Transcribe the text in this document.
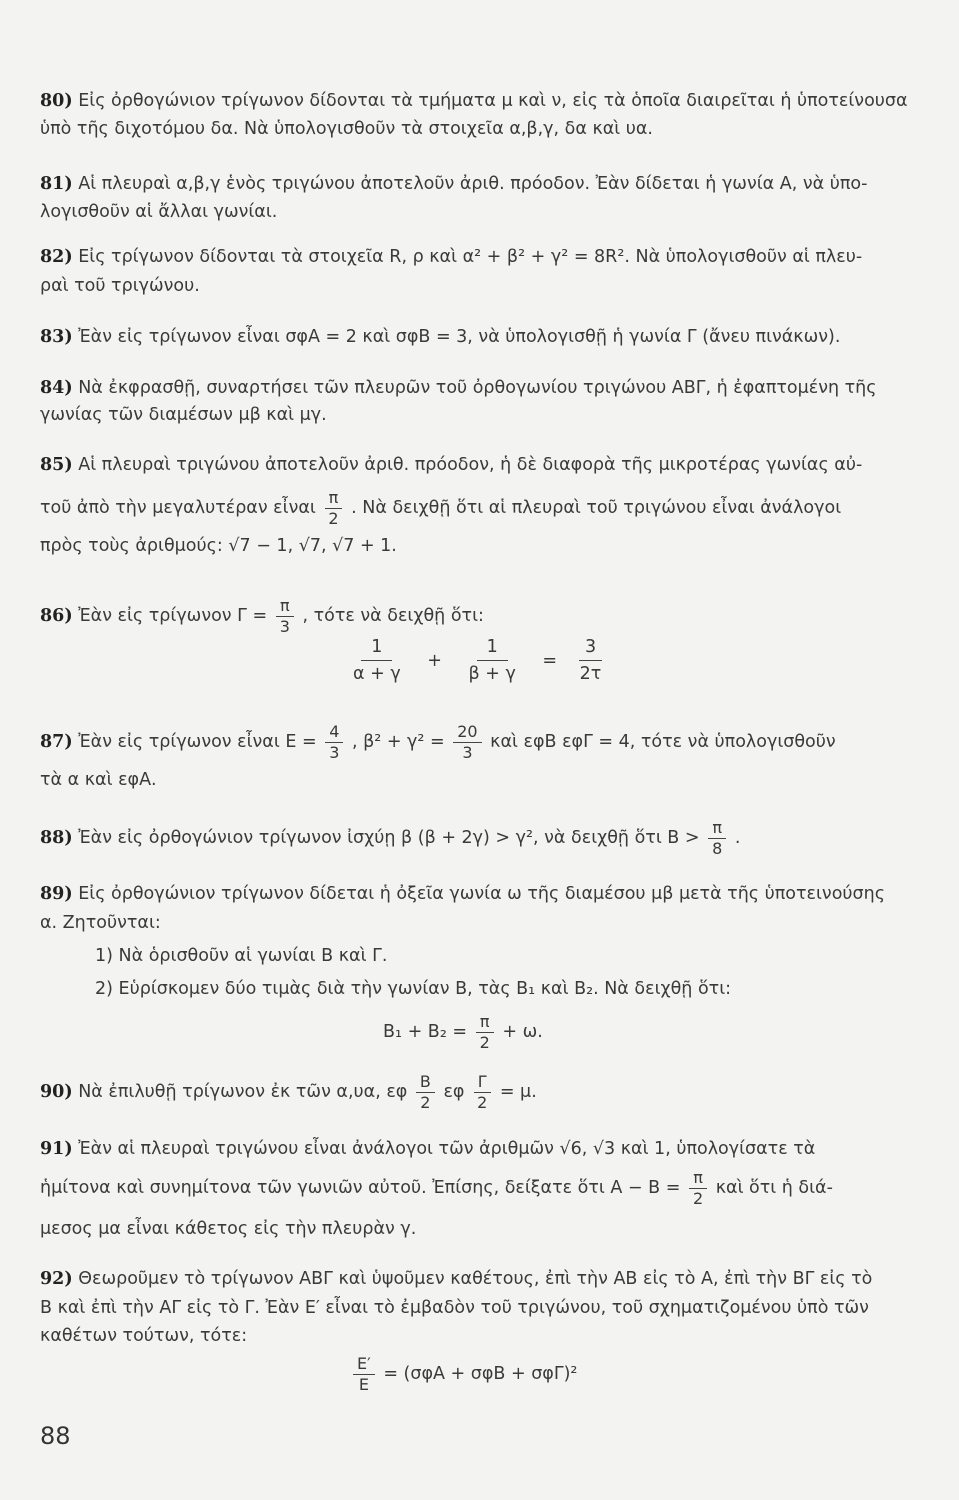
80) Εἰς ὀρθογώνιον τρίγωνον δίδονται τὰ τμήματα μ καὶ ν, εἰς τὰ ὁποῖα διαιρεῖται ἡ ὑποτείνουσα
ὑπὸ τῆς διχοτόμου δα. Νὰ ὑπολογισθοῦν τὰ στοιχεῖα α,β,γ, δα καὶ υα.
81) Αἱ πλευραὶ α,β,γ ἑνὸς τριγώνου ἀποτελοῦν ἀριθ. πρόοδον. Ἐὰν δίδεται ἡ γωνία Α, νὰ ὑπο-
λογισθοῦν αἱ ἄλλαι γωνίαι.
82) Εἰς τρίγωνον δίδονται τὰ στοιχεῖα R, ρ καὶ α² + β² + γ² = 8R². Νὰ ὑπολογισθοῦν αἱ πλευ-
ραὶ τοῦ τριγώνου.
83) Ἐὰν εἰς τρίγωνον εἶναι σφΑ = 2 καὶ σφΒ = 3, νὰ ὑπολογισθῇ ἡ γωνία Γ (ἄνευ πινάκων).
84) Νὰ ἐκφρασθῇ, συναρτήσει τῶν πλευρῶν τοῦ ὀρθογωνίου τριγώνου ΑΒΓ, ἡ ἐφαπτομένη τῆς
γωνίας τῶν διαμέσων μβ καὶ μγ.
85) Αἱ πλευραὶ τριγώνου ἀποτελοῦν ἀριθ. πρόοδον, ἡ δὲ διαφορὰ τῆς μικροτέρας γωνίας αὐ-
τοῦ ἀπὸ τὴν μεγαλυτέραν εἶναι $\frac{\pi}{2}$ . Νὰ δειχθῇ ὅτι αἱ πλευραὶ τοῦ τριγώνου εἶναι ἀνάλογοι
πρὸς τοὺς ἀριθμούς: √7 − 1, √7, √7 + 1.
86) Ἐὰν εἰς τρίγωνον $\Gamma = \frac{\pi}{3}$ , τότε νὰ δειχθῇ ὅτι:
$\frac{1}{\alpha + \gamma} + \frac{1}{\beta + \gamma} = \frac{3}{2\tau}$
87) Ἐὰν εἰς τρίγωνον εἶναι $E = \frac{4}{3}$ , $\beta^2 + \gamma^2 = \frac{20}{3}$ καὶ εφΒ εφΓ = 4, τότε νὰ ὑπολογισθοῦν
τὰ α καὶ εφΑ.
88) Ἐὰν εἰς ὀρθογώνιον τρίγωνον ἰσχύῃ β (β + 2γ) > γ², νὰ δειχθῇ ὅτι $B > \frac{\pi}{8}$ .
89) Εἰς ὀρθογώνιον τρίγωνον δίδεται ἡ ὀξεῖα γωνία ω τῆς διαμέσου μβ μετὰ τῆς ὑποτεινούσης
α. Ζητοῦνται:
1) Νὰ ὁρισθοῦν αἱ γωνίαι Β καὶ Γ.
2) Εὑρίσκομεν δύο τιμὰς διὰ τὴν γωνίαν Β, τὰς Β₁ καὶ Β₂. Νὰ δειχθῇ ὅτι:
$B_1 + B_2 = \frac{\pi}{2} + \omega$.
90) Νὰ ἐπιλυθῇ τρίγωνον ἐκ τῶν α,υα, εφ $\frac{B}{2}$ εφ $\frac{\Gamma}{2} = \mu$.
91) Ἐὰν αἱ πλευραὶ τριγώνου εἶναι ἀνάλογοι τῶν ἀριθμῶν √6, √3 καὶ 1, ὑπολογίσατε τὰ
ἡμίτονα καὶ συνημίτονα τῶν γωνιῶν αὐτοῦ. Ἐπίσης, δείξατε ὅτι $A - B = \frac{\pi}{2}$ καὶ ὅτι ἡ διά-
μεσος μα εἶναι κάθετος εἰς τὴν πλευρὰν γ.
92) Θεωροῦμεν τὸ τρίγωνον ΑΒΓ καὶ ὑψοῦμεν καθέτους, ἐπὶ τὴν ΑΒ εἰς τὸ Α, ἐπὶ τὴν ΒΓ εἰς τὸ
Β καὶ ἐπὶ τὴν ΑΓ εἰς τὸ Γ. Ἐὰν Ε′ εἶναι τὸ ἐμβαδὸν τοῦ τριγώνου, τοῦ σχηματιζομένου ὑπὸ τῶν
καθέτων τούτων, τότε:
$\frac{E'}{E} = (\sigma\varphi A + \sigma\varphi B + \sigma\varphi\Gamma)^2$
88
